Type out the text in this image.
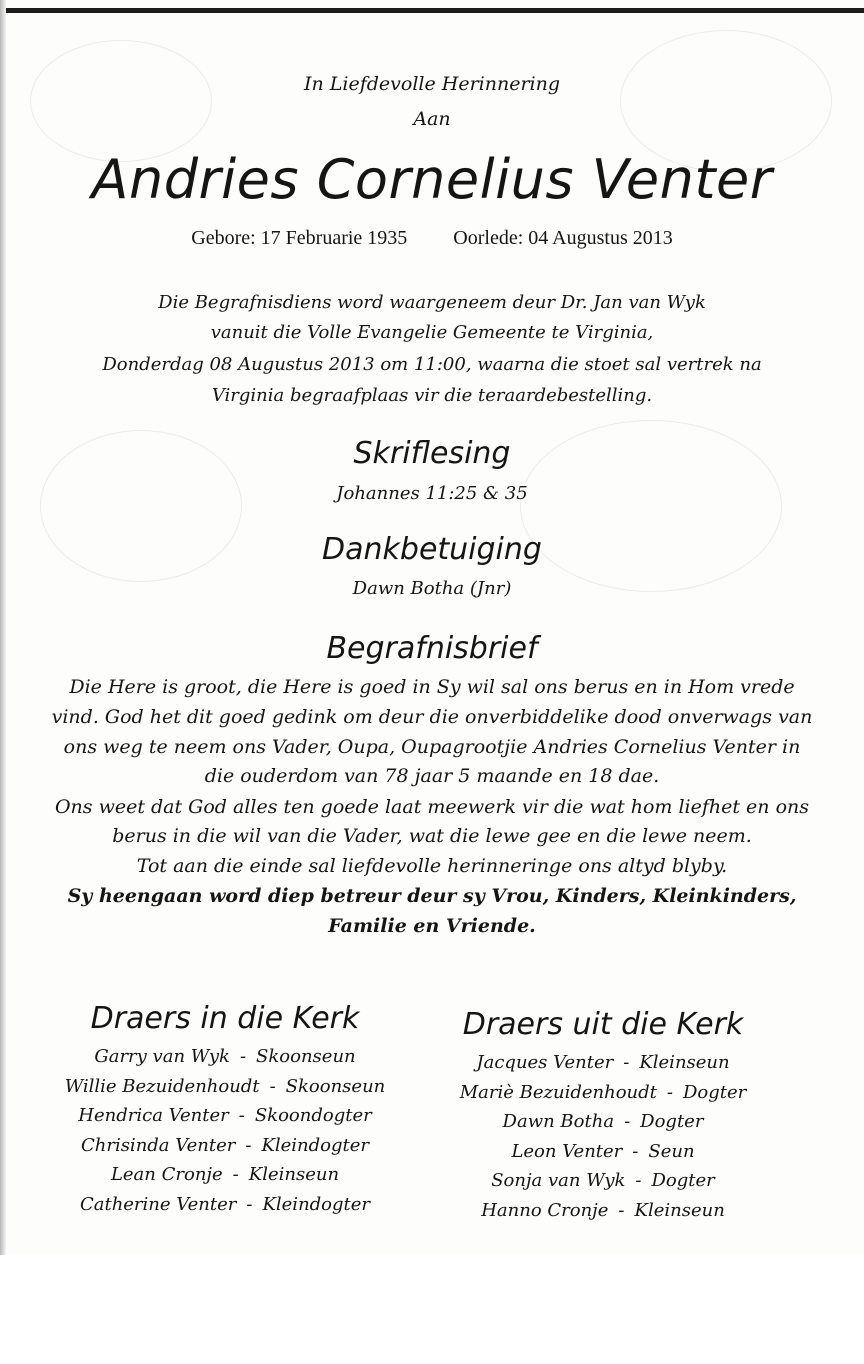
In Liefdevolle Herinnering
Aan
Andries Cornelius Venter
Gebore: 17 Februarie 1935 Oorlede: 04 Augustus 2013
Die Begrafnisdiens word waargeneem deur Dr. Jan van Wyk
vanuit die Volle Evangelie Gemeente te Virginia,
Donderdag 08 Augustus 2013 om 11:00, waarna die stoet sal vertrek na
Virginia begraafplaas vir die teraardebestelling.
Skriflesing
Johannes 11:25 & 35
Dankbetuiging
Dawn Botha (Jnr)
Begrafnisbrief
Die Here is groot, die Here is goed in Sy wil sal ons berus en in Hom vrede
vind. God het dit goed gedink om deur die onverbiddelike dood onverwags van
ons weg te neem ons Vader, Oupa, Oupagrootjie Andries Cornelius Venter in
die ouderdom van 78 jaar 5 maande en 18 dae.
Ons weet dat God alles ten goede laat meewerk vir die wat hom liefhet en ons
berus in die wil van die Vader, wat die lewe gee en die lewe neem.
Tot aan die einde sal liefdevolle herinneringe ons altyd blyby.
Sy heengaan word diep betreur deur sy Vrou, Kinders, Kleinkinders,
Familie en Vriende.
Draers in die Kerk
Garry van Wyk - Skoonseun
Willie Bezuidenhoudt - Skoonseun
Hendrica Venter - Skoondogter
Chrisinda Venter - Kleindogter
Lean Cronje - Kleinseun
Catherine Venter - Kleindogter
Draers uit die Kerk
Jacques Venter - Kleinseun
Mariè Bezuidenhoudt - Dogter
Dawn Botha - Dogter
Leon Venter - Seun
Sonja van Wyk - Dogter
Hanno Cronje - Kleinseun
